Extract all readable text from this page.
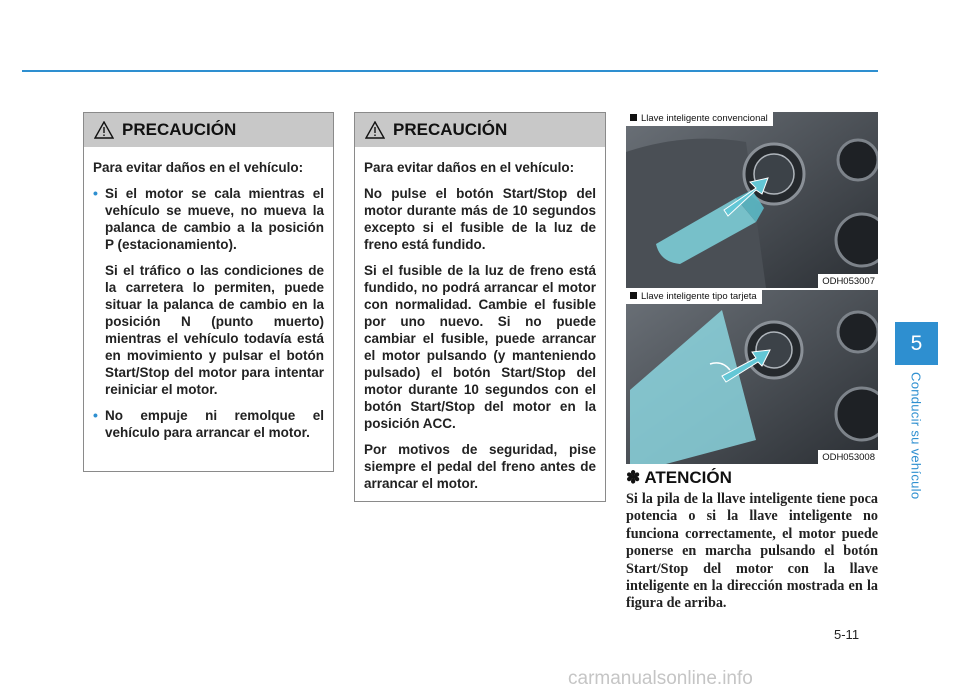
PRECAUCIÓN

Para evitar daños en el vehículo:

• Si el motor se cala mientras el vehículo se mueve, no mueva la palanca de cambio a la posición P (estacionamiento).
Si el tráfico o las condiciones de la carretera lo permiten, puede situar la palanca de cambio en la posición N (punto muerto) mientras el vehículo todavía está en movimiento y pulsar el botón Start/Stop del motor para intentar reiniciar el motor.
• No empuje ni remolque el vehículo para arrancar el motor.
PRECAUCIÓN

Para evitar daños en el vehículo:

No pulse el botón Start/Stop del motor durante más de 10 segundos excepto si el fusible de la luz de freno está fundido.

Si el fusible de la luz de freno está fundido, no podrá arrancar el motor con normalidad. Cambie el fusible por uno nuevo. Si no puede cambiar el fusible, puede arrancar el motor pulsando (y manteniendo pulsado) el botón Start/Stop del motor durante 10 segundos con el botón Start/Stop del motor en la posición ACC.

Por motivos de seguridad, pise siempre el pedal del freno antes de arrancar el motor.

Llave inteligente convencional
ODH053007
Llave inteligente tipo tarjeta
ODH053008
✽ ATENCIÓN
Si la pila de la llave inteligente tiene poca potencia o si la llave inteligente no funciona correctamente, el motor puede ponerse en marcha pulsando el botón Start/Stop del motor con la llave inteligente en la dirección mostrada en la figura de arriba.
5
Conducir su vehículo
5-11
carmanualsonline.info
